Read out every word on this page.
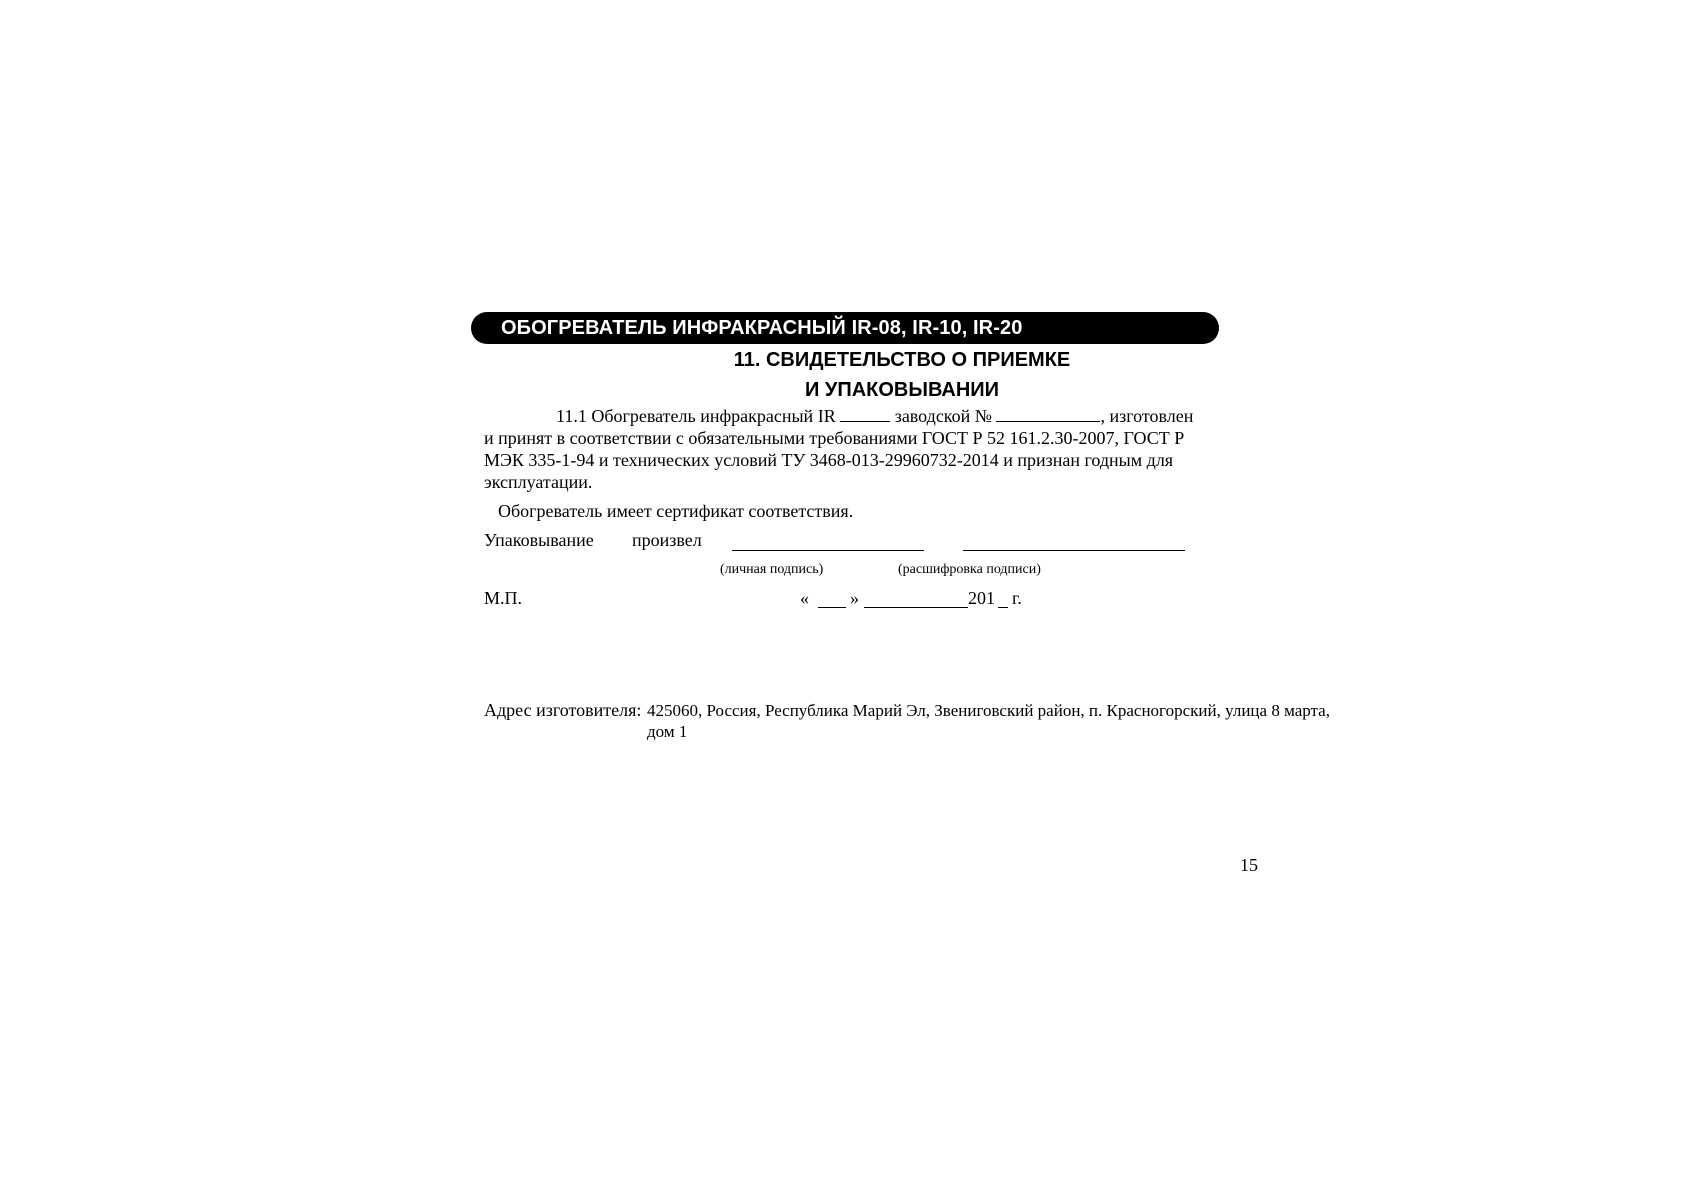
ОБОГРЕВАТЕЛЬ ИНФРАКРАСНЫЙ IR-08, IR-10, IR-20
11. СВИДЕТЕЛЬСТВО О ПРИЕМКЕ
И УПАКОВЫВАНИИ
11.1 Обогреватель инфракрасный IR	заводской №	, изготовлен
и принят в соответствии с обязательными требованиями ГОСТ Р 52 161.2.30-2007, ГОСТ Р
МЭК 335-1-94 и технических условий ТУ 3468-013-29960732-2014 и признан годным для
эксплуатации.
Обогреватель имеет сертификат соответствия.
Упаковывание произвел
(личная подпись)	(расшифровка подписи)
М.П.	« »	201 г.
Адрес изготовителя: 425060, Россия, Республика Марий Эл, Звениговский район, п. Красногорский, улица 8 марта,
дом 1
15
